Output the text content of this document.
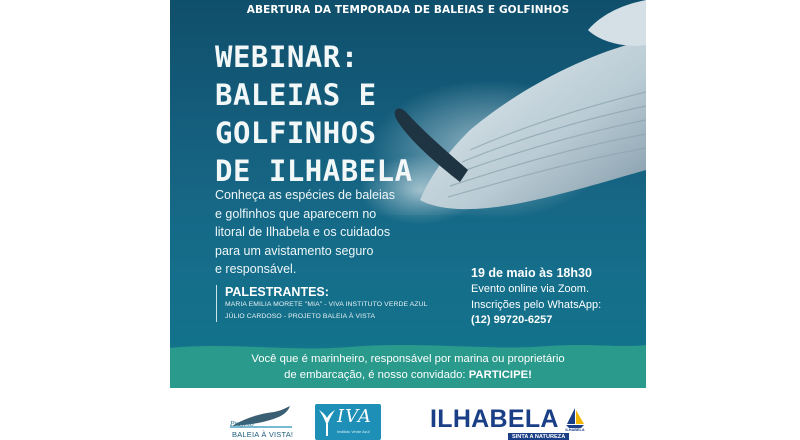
ABERTURA DA TEMPORADA DE BALEIAS E GOLFINHOS
WEBINAR:
BALEIAS E
GOLFINHOS
DE ILHABELA
Conheça as espécies de baleias
e golfinhos que aparecem no
litoral de Ilhabela e os cuidados
para um avistamento seguro
e responsável.
PALESTRANTES:
MARIA EMILIA MORETE "MIA" - VIVA INSTITUTO VERDE AZUL
JÚLIO CARDOSO - PROJETO BALEIA À VISTA
19 de maio às 18h30
Evento online via Zoom.
Inscrições pelo WhatsApp:
(12) 99720-6257
Você que é marinheiro, responsável por marina ou proprietário
de embarcação, é nosso convidado: PARTICIPE!
Projeto
BALEIA À VISTA!
IVA
Instituto Verde Azul ILHABELA
SINTA A NATUREZA
ILHABELA
